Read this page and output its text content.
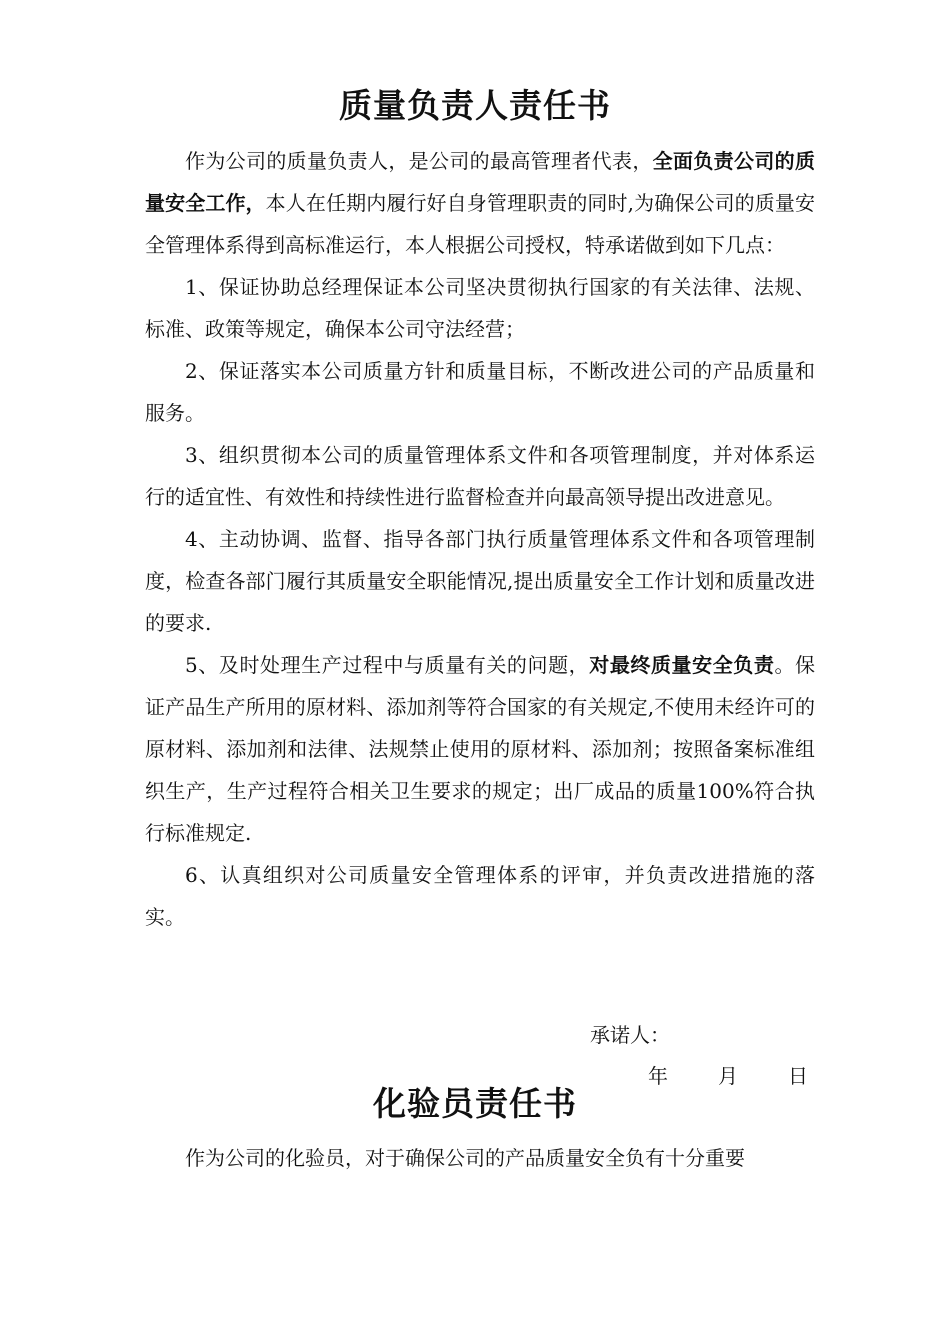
质量负责人责任书

作为公司的质量负责人，是公司的最高管理者代表，全面负责公司的质量安全工作，本人在任期内履行好自身管理职责的同时,为确保公司的质量安全管理体系得到高标准运行，本人根据公司授权，特承诺做到如下几点：

1、保证协助总经理保证本公司坚决贯彻执行国家的有关法律、法规、标准、政策等规定，确保本公司守法经营；

2、保证落实本公司质量方针和质量目标，不断改进公司的产品质量和服务。

3、组织贯彻本公司的质量管理体系文件和各项管理制度，并对体系运行的适宜性、有效性和持续性进行监督检查并向最高领导提出改进意见。

4、主动协调、监督、指导各部门执行质量管理体系文件和各项管理制度，检查各部门履行其质量安全职能情况,提出质量安全工作计划和质量改进的要求.

5、及时处理生产过程中与质量有关的问题，对最终质量安全负责。保证产品生产所用的原材料、添加剂等符合国家的有关规定,不使用未经许可的原材料、添加剂和法律、法规禁止使用的原材料、添加剂；按照备案标准组织生产，生产过程符合相关卫生要求的规定；出厂成品的质量100%符合执行标准规定.

6、认真组织对公司质量安全管理体系的评审，并负责改进措施的落实。

承诺人：
年	月	日
化验员责任书

作为公司的化验员，对于确保公司的产品质量安全负有十分重要
